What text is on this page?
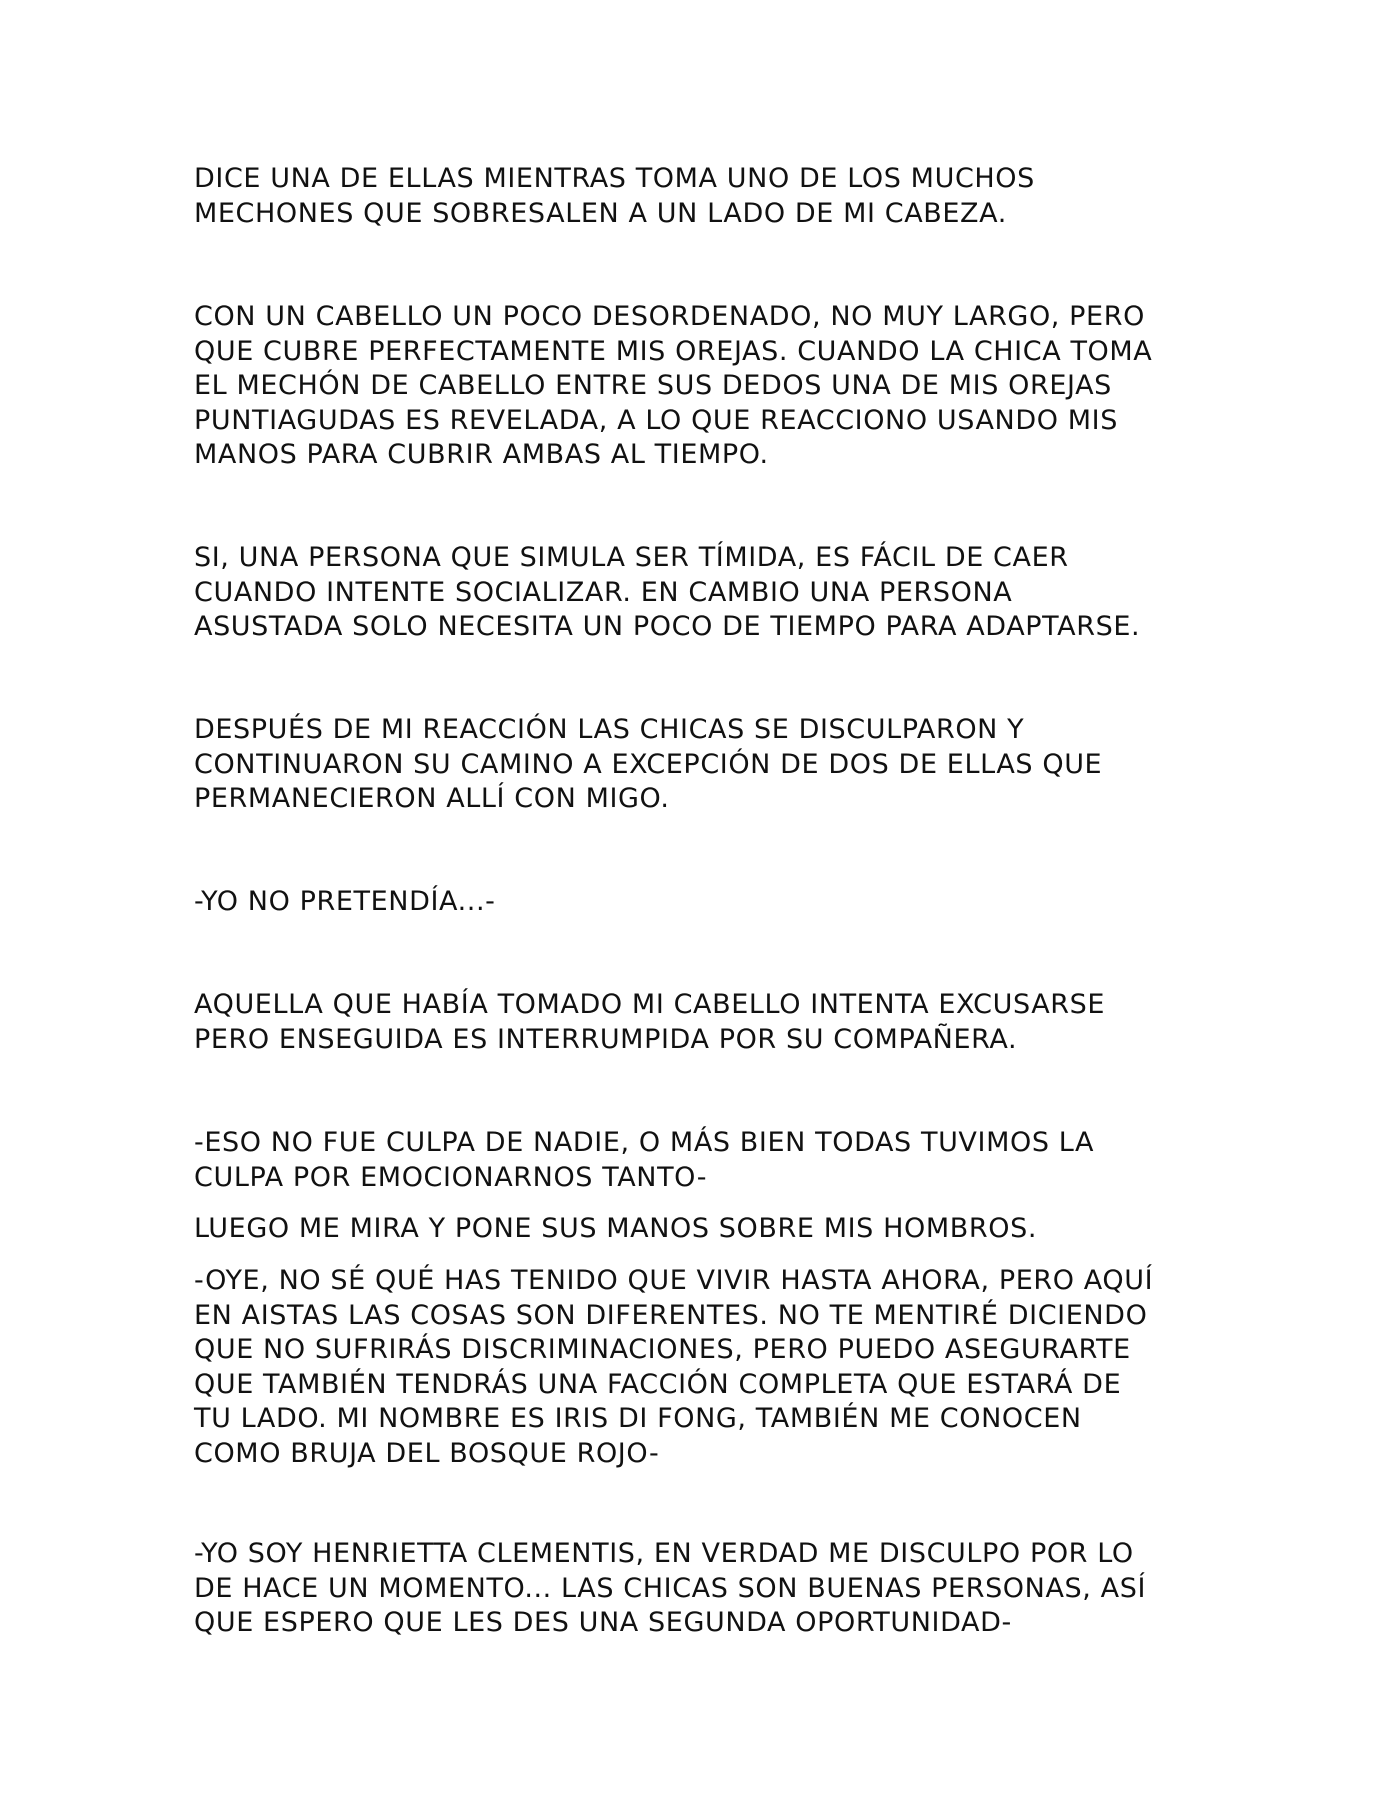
DICE UNA DE ELLAS MIENTRAS TOMA UNO DE LOS MUCHOS
MECHONES QUE SOBRESALEN A UN LADO DE MI CABEZA.

CON UN CABELLO UN POCO DESORDENADO, NO MUY LARGO, PERO
QUE CUBRE PERFECTAMENTE MIS OREJAS. CUANDO LA CHICA TOMA
EL MECHÓN DE CABELLO ENTRE SUS DEDOS UNA DE MIS OREJAS
PUNTIAGUDAS ES REVELADA, A LO QUE REACCIONO USANDO MIS
MANOS PARA CUBRIR AMBAS AL TIEMPO.

SI, UNA PERSONA QUE SIMULA SER TÍMIDA, ES FÁCIL DE CAER
CUANDO INTENTE SOCIALIZAR. EN CAMBIO UNA PERSONA
ASUSTADA SOLO NECESITA UN POCO DE TIEMPO PARA ADAPTARSE.

DESPUÉS DE MI REACCIÓN LAS CHICAS SE DISCULPARON Y
CONTINUARON SU CAMINO A EXCEPCIÓN DE DOS DE ELLAS QUE
PERMANECIERON ALLÍ CON MIGO.

-YO NO PRETENDÍA...-

AQUELLA QUE HABÍA TOMADO MI CABELLO INTENTA EXCUSARSE
PERO ENSEGUIDA ES INTERRUMPIDA POR SU COMPAÑERA.

-ESO NO FUE CULPA DE NADIE, O MÁS BIEN TODAS TUVIMOS LA
CULPA POR EMOCIONARNOS TANTO-

LUEGO ME MIRA Y PONE SUS MANOS SOBRE MIS HOMBROS.

-OYE, NO SÉ QUÉ HAS TENIDO QUE VIVIR HASTA AHORA, PERO AQUÍ
EN AISTAS LAS COSAS SON DIFERENTES. NO TE MENTIRÉ DICIENDO
QUE NO SUFRIRÁS DISCRIMINACIONES, PERO PUEDO ASEGURARTE
QUE TAMBIÉN TENDRÁS UNA FACCIÓN COMPLETA QUE ESTARÁ DE
TU LADO. MI NOMBRE ES IRIS DI FONG, TAMBIÉN ME CONOCEN
COMO BRUJA DEL BOSQUE ROJO-

-YO SOY HENRIETTA CLEMENTIS, EN VERDAD ME DISCULPO POR LO
DE HACE UN MOMENTO... LAS CHICAS SON BUENAS PERSONAS, ASÍ
QUE ESPERO QUE LES DES UNA SEGUNDA OPORTUNIDAD-
